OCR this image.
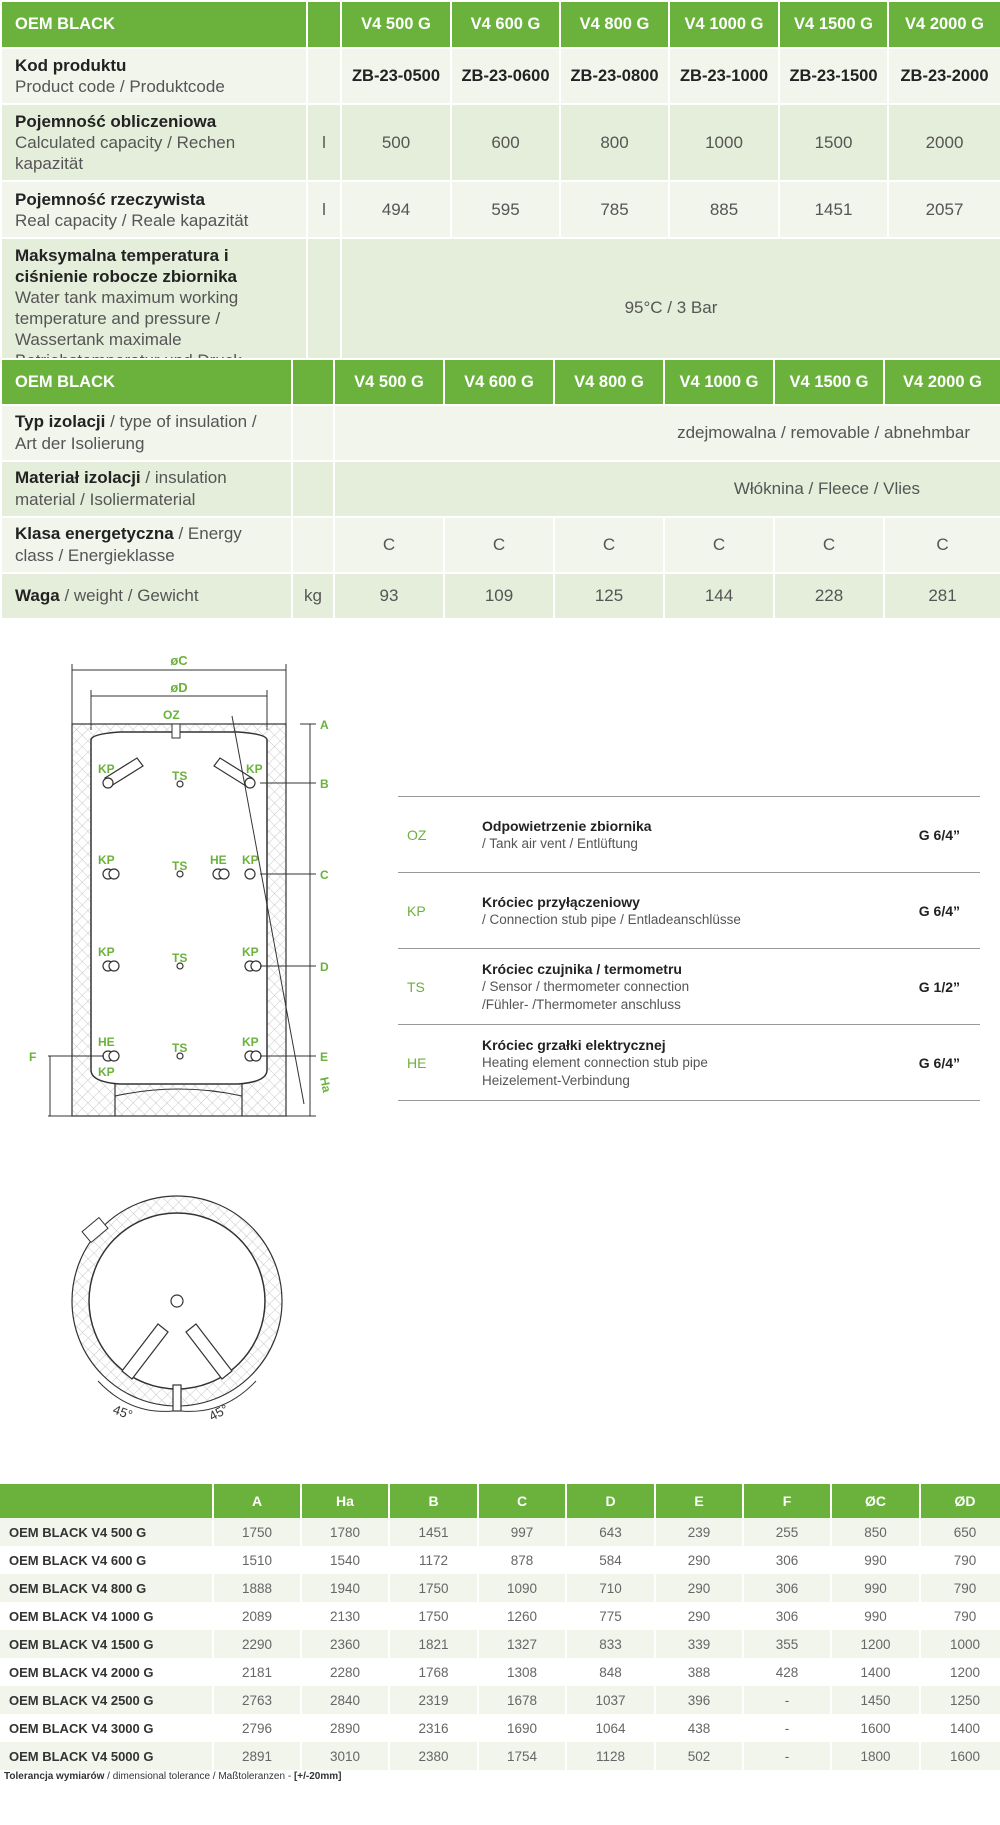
OEM BLACK		V4 500 G	V4 600 G	V4 800 G	V4 1000 G	V4 1500 G	V4 2000 G
Kod produktu
Product code / Produktcode		ZB-23-0500	ZB-23-0600	ZB-23-0800	ZB-23-1000	ZB-23-1500	ZB-23-2000
Pojemność obliczeniowa
Calculated capacity / Rechen kapazität	l	500	600	800	1000	1500	2000
Pojemność rzeczywista
Real capacity / Reale kapazität	l	494	595	785	885	1451	2057
Maksymalna temperatura i ciśnienie robocze zbiornika
Water tank maximum working temperature and pressure / Wassertank maximale Betriebstemperatur und Druck		95°C / 3 Bar					
OEM BLACK		V4 500 G	V4 600 G	V4 800 G	V4 1000 G	V4 1500 G	V4 2000 G
Typ izolacji / type of insulation / Art der Isolierung		zdejmowalna / removable / abnehmbar					
Materiał izolacji / insulation material / Isoliermaterial		Włóknina / Fleece / Vlies					
Klasa energetyczna / Energy class / Energieklasse		C	C	C	C	C	C
Waga / weight / Gewicht	kg	93	109	125	144	228	281
øC
øD
OZ
KP	KP
TS
KP	TS HE KP
KP	TS	KP
HE
KP
TS	KP
Ha
A
B
C
D
E
F
45°	45°
OZ
Odpowietrzenie zbiornika
/ Tank air vent / Entlüftung
G 6/4”
KP
Króciec przyłączeniowy
/ Connection stub pipe / Entladeanschlüsse
G 6/4”
TS
Króciec czujnika / termometru
/ Sensor / thermometer connection
/Fühler- /Thermometer anschluss
G 1/2”
HE
Króciec grzałki elektrycznej
Heating element connection stub pipe
Heizelement-Verbindung
G 6/4”
	A	Ha	B	C	D	E	F	ØC	ØD
OEM BLACK V4 500 G	1750	1780	1451	997	643	239	255	850	650
OEM BLACK V4 600 G	1510	1540	1172	878	584	290	306	990	790
OEM BLACK V4 800 G	1888	1940	1750	1090	710	290	306	990	790
OEM BLACK V4 1000 G	2089	2130	1750	1260	775	290	306	990	790
OEM BLACK V4 1500 G	2290	2360	1821	1327	833	339	355	1200	1000
OEM BLACK V4 2000 G	2181	2280	1768	1308	848	388	428	1400	1200
OEM BLACK V4 2500 G	2763	2840	2319	1678	1037	396	-	1450	1250
OEM BLACK V4 3000 G	2796	2890	2316	1690	1064	438	-	1600	1400
OEM BLACK V4 5000 G	2891	3010	2380	1754	1128	502	-	1800	1600
Tolerancja wymiarów / dimensional tolerance / Maßtoleranzen - [+/-20mm]
